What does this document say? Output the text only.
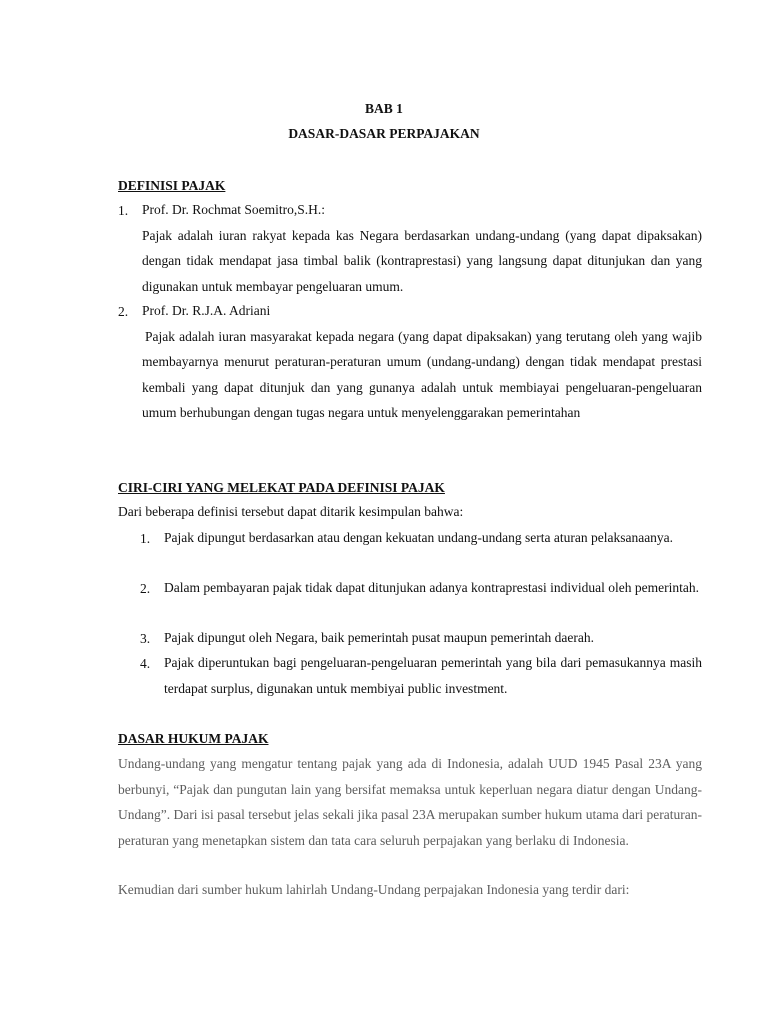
BAB 1
DASAR-DASAR PERPAJAKAN
DEFINISI PAJAK
1. Prof. Dr. Rochmat Soemitro,S.H.:

Pajak adalah iuran rakyat kepada kas Negara berdasarkan undang-undang (yang dapat dipaksakan) dengan tidak mendapat jasa timbal balik (kontraprestasi) yang langsung dapat ditunjukan dan yang digunakan untuk membayar pengeluaran umum.

2. Prof. Dr. R.J.A. Adriani

Pajak adalah iuran masyarakat kepada negara (yang dapat dipaksakan) yang terutang oleh yang wajib membayarnya menurut peraturan-peraturan umum (undang-undang) dengan tidak mendapat prestasi kembali yang dapat ditunjuk dan yang gunanya adalah untuk membiayai pengeluaran-pengeluaran umum berhubungan dengan tugas negara untuk menyelenggarakan pemerintahan

CIRI-CIRI YANG MELEKAT PADA DEFINISI PAJAK
Dari beberapa definisi tersebut dapat ditarik kesimpulan bahwa:
1. Pajak dipungut berdasarkan atau dengan kekuatan undang-undang serta aturan pelaksanaanya.
2. Dalam pembayaran pajak tidak dapat ditunjukan adanya kontraprestasi individual oleh pemerintah.
3. Pajak dipungut oleh Negara, baik pemerintah pusat maupun pemerintah daerah.
4. Pajak diperuntukan bagi pengeluaran-pengeluaran pemerintah yang bila dari pemasukannya masih terdapat surplus, digunakan untuk membiyai public investment.
DASAR HUKUM PAJAK
Undang-undang yang mengatur tentang pajak yang ada di Indonesia, adalah UUD 1945 Pasal 23A yang berbunyi, “Pajak dan pungutan lain yang bersifat memaksa untuk keperluan negara diatur dengan Undang-Undang”. Dari isi pasal tersebut jelas sekali jika pasal 23A merupakan sumber hukum utama dari peraturan-peraturan yang menetapkan sistem dan tata cara seluruh perpajakan yang berlaku di Indonesia.
Kemudian dari sumber hukum lahirlah Undang-Undang perpajakan Indonesia yang terdir dari:
